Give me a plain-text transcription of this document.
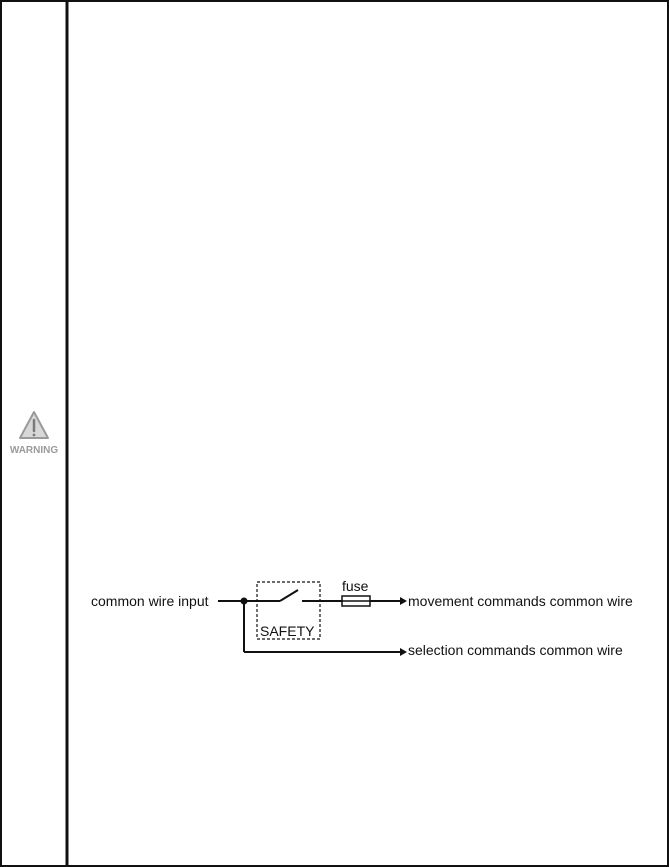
WARNING
common wire input
fuse
SAFETY
movement commands common wire
selection commands common wire
